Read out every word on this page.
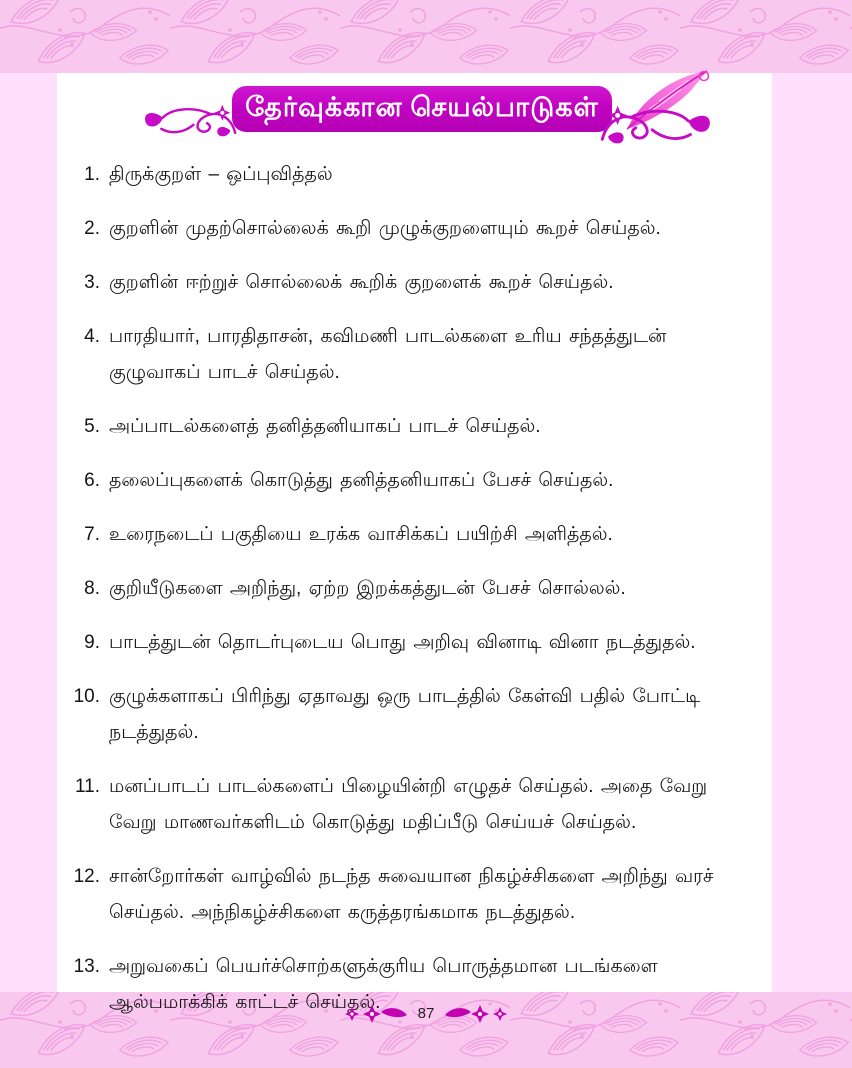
தேர்வுக்கான செயல்பாடுகள்
1. திருக்குறள் – ஒப்புவித்தல்
2. குறளின் முதற்சொல்லைக் கூறி முழுக்குறளையும் கூறச் செய்தல்.
3. குறளின் ஈற்றுச் சொல்லைக் கூறிக் குறளைக் கூறச் செய்தல்.
4. பாரதியார், பாரதிதாசன், கவிமணி பாடல்களை உரிய சந்தத்துடன் குழுவாகப் பாடச் செய்தல்.
5. அப்பாடல்களைத் தனித்தனியாகப் பாடச் செய்தல்.
6. தலைப்புகளைக் கொடுத்து தனித்தனியாகப் பேசச் செய்தல்.
7. உரைநடைப் பகுதியை உரக்க வாசிக்கப் பயிற்சி அளித்தல்.
8. குறியீடுகளை அறிந்து, ஏற்ற இறக்கத்துடன் பேசச் சொல்லல்.
9. பாடத்துடன் தொடர்புடைய பொது அறிவு வினாடி வினா நடத்துதல்.
10. குழுக்களாகப் பிரிந்து ஏதாவது ஒரு பாடத்தில் கேள்வி பதில் போட்டி நடத்துதல்.
11. மனப்பாடப் பாடல்களைப் பிழையின்றி எழுதச் செய்தல். அதை வேறு வேறு மாணவர்களிடம் கொடுத்து மதிப்பீடு செய்யச் செய்தல்.
12. சான்றோர்கள் வாழ்வில் நடந்த சுவையான நிகழ்ச்சிகளை அறிந்து வரச் செய்தல். அந்நிகழ்ச்சிகளை கருத்தரங்கமாக நடத்துதல்.
13. அறுவகைப் பெயர்ச்சொற்களுக்குரிய பொருத்தமான படங்களை ஆல்பமாக்கிக் காட்டச் செய்தல்.
87
